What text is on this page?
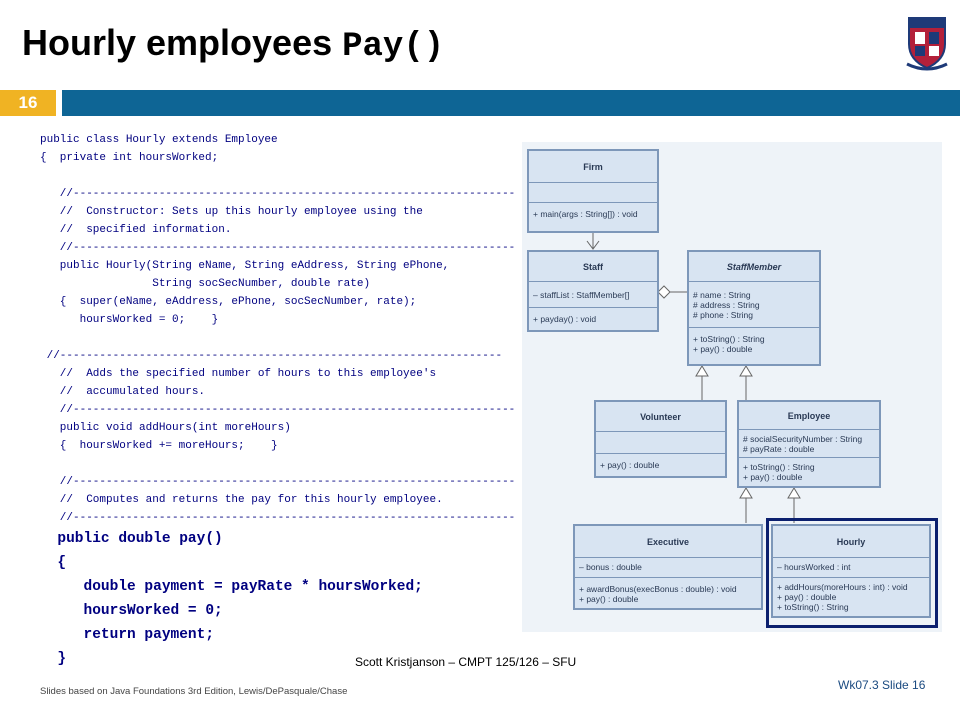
Hourly employees Pay()
16
public class Hourly extends Employee
{  private int hoursWorked;
//-------------------------------------------------------------------
//  Constructor: Sets up this hourly employee using the
//  specified information.
//-------------------------------------------------------------------
public Hourly(String eName, String eAddress, String ePhone,
String socSecNumber, double rate)
{  super(eName, eAddress, ePhone, socSecNumber, rate);
hoursWorked = 0;    }
//-------------------------------------------------------------------
//  Adds the specified number of hours to this employee's
//  accumulated hours.
//-------------------------------------------------------------------
public void addHours(int moreHours)
{  hoursWorked += moreHours;    }
//-------------------------------------------------------------------
//  Computes and returns the pay for this hourly employee.
//-------------------------------------------------------------------
public double pay()
{
double payment = payRate * hoursWorked;
hoursWorked = 0;
return payment;
}
Firm
+ main(args : String[]) : void
Staff
– staffList : StaffMember[]
+ payday() : void
StaffMember
# name : String
# address : String
# phone : String
+ toString() : String
+ pay() : double
Volunteer
+ pay() : double
Employee
# socialSecurityNumber : String
# payRate : double
+ toString() : String
+ pay() : double
Executive
– bonus : double
+ awardBonus(execBonus : double) : void
+ pay() : double
Hourly
– hoursWorked : int
+ addHours(moreHours : int) : void
+ pay() : double
+ toString() : String
Scott Kristjanson – CMPT 125/126 – SFU
Slides based on Java Foundations 3rd Edition, Lewis/DePasquale/Chase	Wk07.3 Slide 16
